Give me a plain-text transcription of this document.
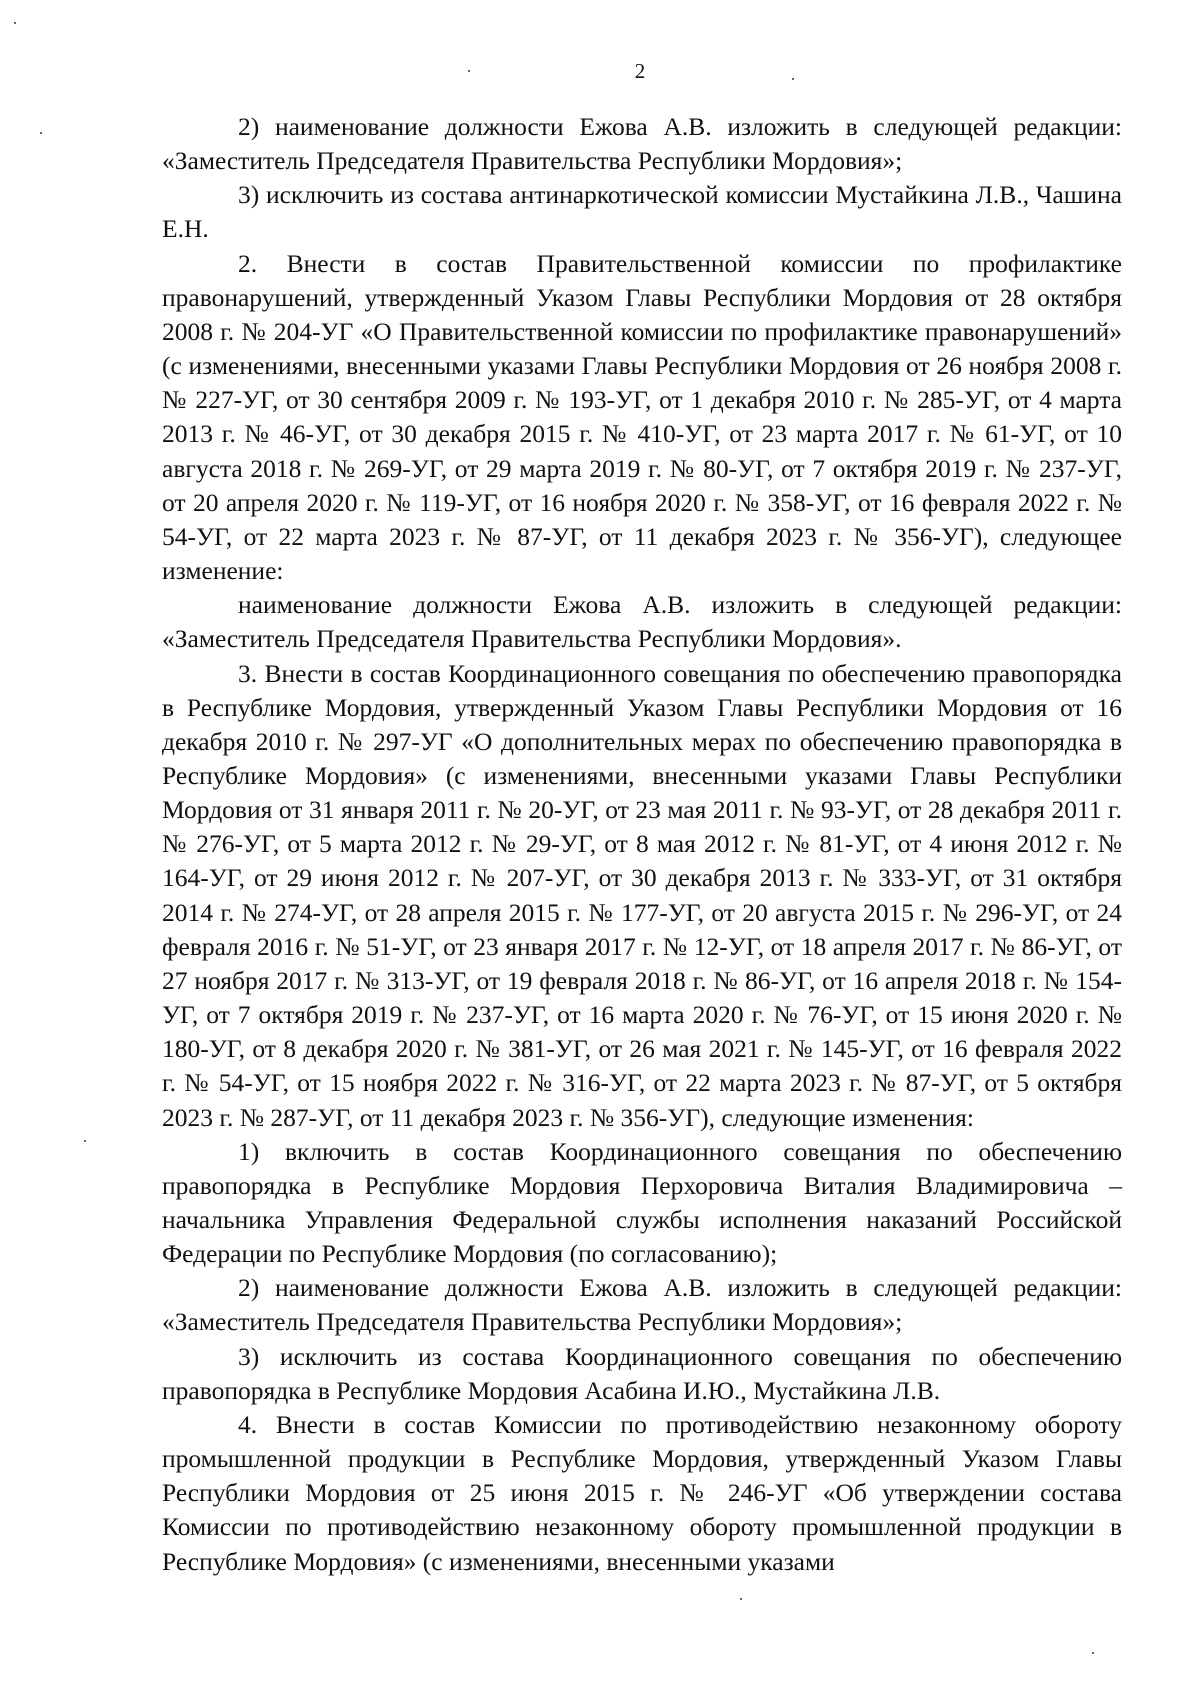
2

2) наименование должности Ежова А.В. изложить в следующей редакции: «Заместитель Председателя Правительства Республики Мордовия»;

3) исключить из состава антинаркотической комиссии Мустайкина Л.В., Чашина Е.Н.

2. Внести в состав Правительственной комиссии по профилактике правонарушений, утвержденный Указом Главы Республики Мордовия от 28 октября 2008 г. № 204-УГ «О Правительственной комиссии по профилактике правонарушений» (с изменениями, внесенными указами Главы Республики Мордовия от 26 ноября 2008 г. № 227-УГ, от 30 сентября 2009 г. № 193-УГ, от 1 декабря 2010 г. № 285-УГ, от 4 марта 2013 г. № 46-УГ, от 30 декабря 2015 г. № 410-УГ, от 23 марта 2017 г. № 61-УГ, от 10 августа 2018 г. № 269-УГ, от 29 марта 2019 г. № 80-УГ, от 7 октября 2019 г. № 237-УГ, от 20 апреля 2020 г. № 119-УГ, от 16 ноября 2020 г. № 358-УГ, от 16 февраля 2022 г. № 54-УГ, от 22 марта 2023 г. № 87-УГ, от 11 декабря 2023 г. № 356-УГ), следующее изменение:

наименование должности Ежова А.В. изложить в следующей редакции: «Заместитель Председателя Правительства Республики Мордовия».

3. Внести в состав Координационного совещания по обеспечению правопорядка в Республике Мордовия, утвержденный Указом Главы Республики Мордовия от 16 декабря 2010 г. № 297-УГ «О дополнительных мерах по обеспечению правопорядка в Республике Мордовия» (с изменениями, внесенными указами Главы Республики Мордовия от 31 января 2011 г. № 20-УГ, от 23 мая 2011 г. № 93-УГ, от 28 декабря 2011 г. № 276-УГ, от 5 марта 2012 г. № 29-УГ, от 8 мая 2012 г. № 81-УГ, от 4 июня 2012 г. № 164-УГ, от 29 июня 2012 г. № 207-УГ, от 30 декабря 2013 г. № 333-УГ, от 31 октября 2014 г. № 274-УГ, от 28 апреля 2015 г. № 177-УГ, от 20 августа 2015 г. № 296-УГ, от 24 февраля 2016 г. № 51-УГ, от 23 января 2017 г. № 12-УГ, от 18 апреля 2017 г. № 86-УГ, от 27 ноября 2017 г. № 313-УГ, от 19 февраля 2018 г. № 86-УГ, от 16 апреля 2018 г. № 154-УГ, от 7 октября 2019 г. № 237-УГ, от 16 марта 2020 г. № 76-УГ, от 15 июня 2020 г. № 180-УГ, от 8 декабря 2020 г. № 381-УГ, от 26 мая 2021 г. № 145-УГ, от 16 февраля 2022 г. № 54-УГ, от 15 ноября 2022 г. № 316-УГ, от 22 марта 2023 г. № 87-УГ, от 5 октября 2023 г. № 287-УГ, от 11 декабря 2023 г. № 356-УГ), следующие изменения:

1) включить в состав Координационного совещания по обеспечению правопорядка в Республике Мордовия Перхоровича Виталия Владимировича – начальника Управления Федеральной службы исполнения наказаний Российской Федерации по Республике Мордовия (по согласованию);

2) наименование должности Ежова А.В. изложить в следующей редакции: «Заместитель Председателя Правительства Республики Мордовия»;

3) исключить из состава Координационного совещания по обеспечению правопорядка в Республике Мордовия Асабина И.Ю., Мустайкина Л.В.

4. Внести в состав Комиссии по противодействию незаконному обороту промышленной продукции в Республике Мордовия, утвержденный Указом Главы Республики Мордовия от 25 июня 2015 г. № 246-УГ «Об утверждении состава Комиссии по противодействию незаконному обороту промышленной продукции в Республике Мордовия» (с изменениями, внесенными указами
